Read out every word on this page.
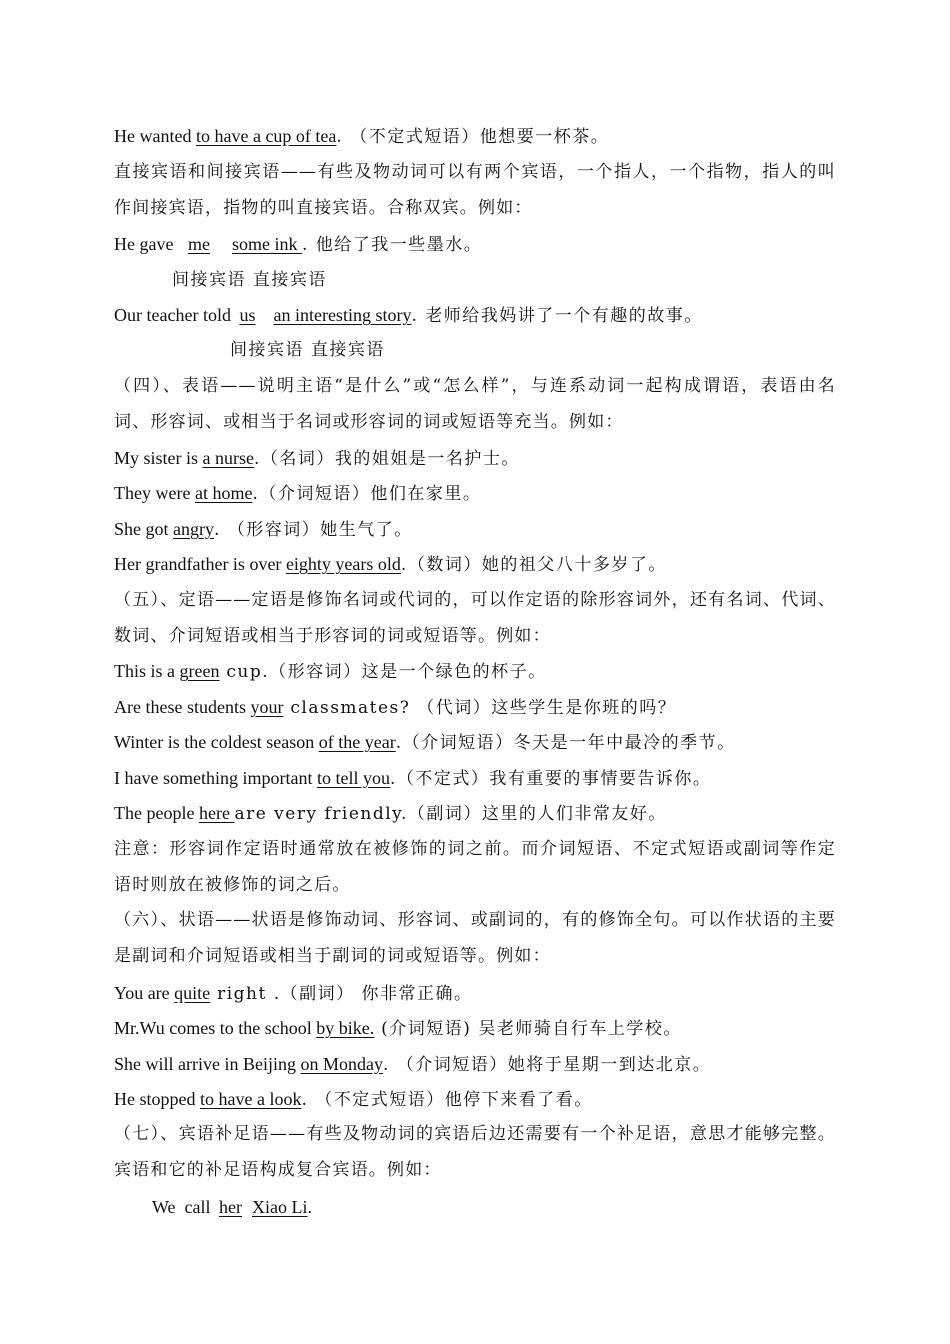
He wanted to have a cup of tea. （不定式短语）他想要一杯茶。
直接宾语和间接宾语——有些及物动词可以有两个宾语，一个指人，一个指物，指人的叫作间接宾语，指物的叫直接宾语。合称双宾。例如：
He gave me some ink . 他给了我一些墨水。
间接宾语 直接宾语
Our teacher told us an interesting story. 老师给我妈讲了一个有趣的故事。
间接宾语 直接宾语
（四）、表语——说明主语“是什么”或“怎么样”，与连系动词一起构成谓语，表语由名词、形容词、或相当于名词或形容词的词或短语等充当。例如：
My sister is a nurse.（名词）我的姐姐是一名护士。
They were at home.（介词短语）他们在家里。
She got angry. （形容词）她生气了。
Her grandfather is over eighty years old.（数词）她的祖父八十多岁了。
（五）、定语——定语是修饰名词或代词的，可以作定语的除形容词外，还有名词、代词、数词、介词短语或相当于形容词的词或短语等。例如：
This is a green cup.（形容词）这是一个绿色的杯子。
Are these students your classmates? （代词）这些学生是你班的吗？
Winter is the coldest season of the year.（介词短语）冬天是一年中最冷的季节。
I have something important to tell you.（不定式）我有重要的事情要告诉你。
The people here are very friendly.（副词）这里的人们非常友好。
注意：形容词作定语时通常放在被修饰的词之前。而介词短语、不定式短语或副词等作定语时则放在被修饰的词之后。
（六）、状语——状语是修饰动词、形容词、或副词的，有的修饰全句。可以作状语的主要是副词和介词短语或相当于副词的词或短语等。例如：
You are quite right .（副词） 你非常正确。
Mr.Wu comes to the school by bike. (介词短语) 吴老师骑自行车上学校。
She will arrive in Beijing on Monday. （介词短语）她将于星期一到达北京。
He stopped to have a look. （不定式短语）他停下来看了看。
（七）、宾语补足语——有些及物动词的宾语后边还需要有一个补足语，意思才能够完整。宾语和它的补足语构成复合宾语。例如：
We  call her Xiao Li.
